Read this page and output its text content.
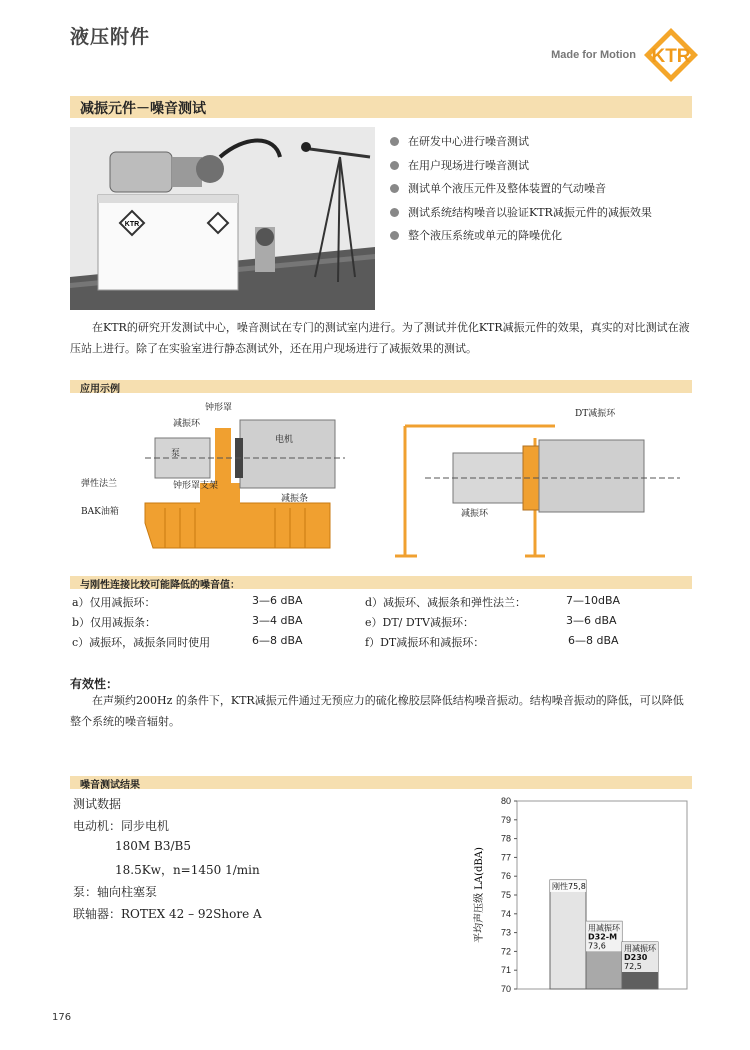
液压附件
Made for Motion KTR
减振元件－噪音测试
KTR
在研发中心进行噪音测试
在用户现场进行噪音测试
测试单个液压元件及整体装置的气动噪音
测试系统结构噪音以验证KTR减振元件的减振效果
整个液压系统或单元的降噪优化
在KTR的研究开发测试中心，噪音测试在专门的测试室内进行。为了测试并优化KTR减振元件的效果，真实的对比测试在液压站上进行。除了在实验室进行静态测试外，还在用户现场进行了减振效果的测试。
应用示例
钟形罩
减振环
电机
泵
弹性法兰	钟形罩支架
BAK油箱
减振条
DT减振环
减振环
与刚性连接比较可能降低的噪音值：
a）仅用减振环：	3—6 dBA	d）减振环、减振条和弹性法兰：	7—10dBA
b）仅用减振条：	3—4 dBA	e）DT/ DTV减振环：	3—6 dBA
c）减振环，减振条同时使用	6—8 dBA	f）DT减振环和减振环：	6—8 dBA
有效性：
在声频约200Hz 的条件下，KTR减振元件通过无预应力的硫化橡胶层降低结构噪音振动。结构噪音振动的降低，可以降低整个系统的噪音辐射。
噪音测试结果
测试数据
电动机：同步电机
180M B3/B5
18.5Kw，n=1450 1/min
泵：轴向柱塞泵
联轴器：ROTEX 42 – 92Shore A
70
71
72
73
74
75
76
77
78
79
80
平均声压级 LA(dBA)	刚性75,8
用减振环
D32-M
73,6 用减振环
D230
72,5
176
